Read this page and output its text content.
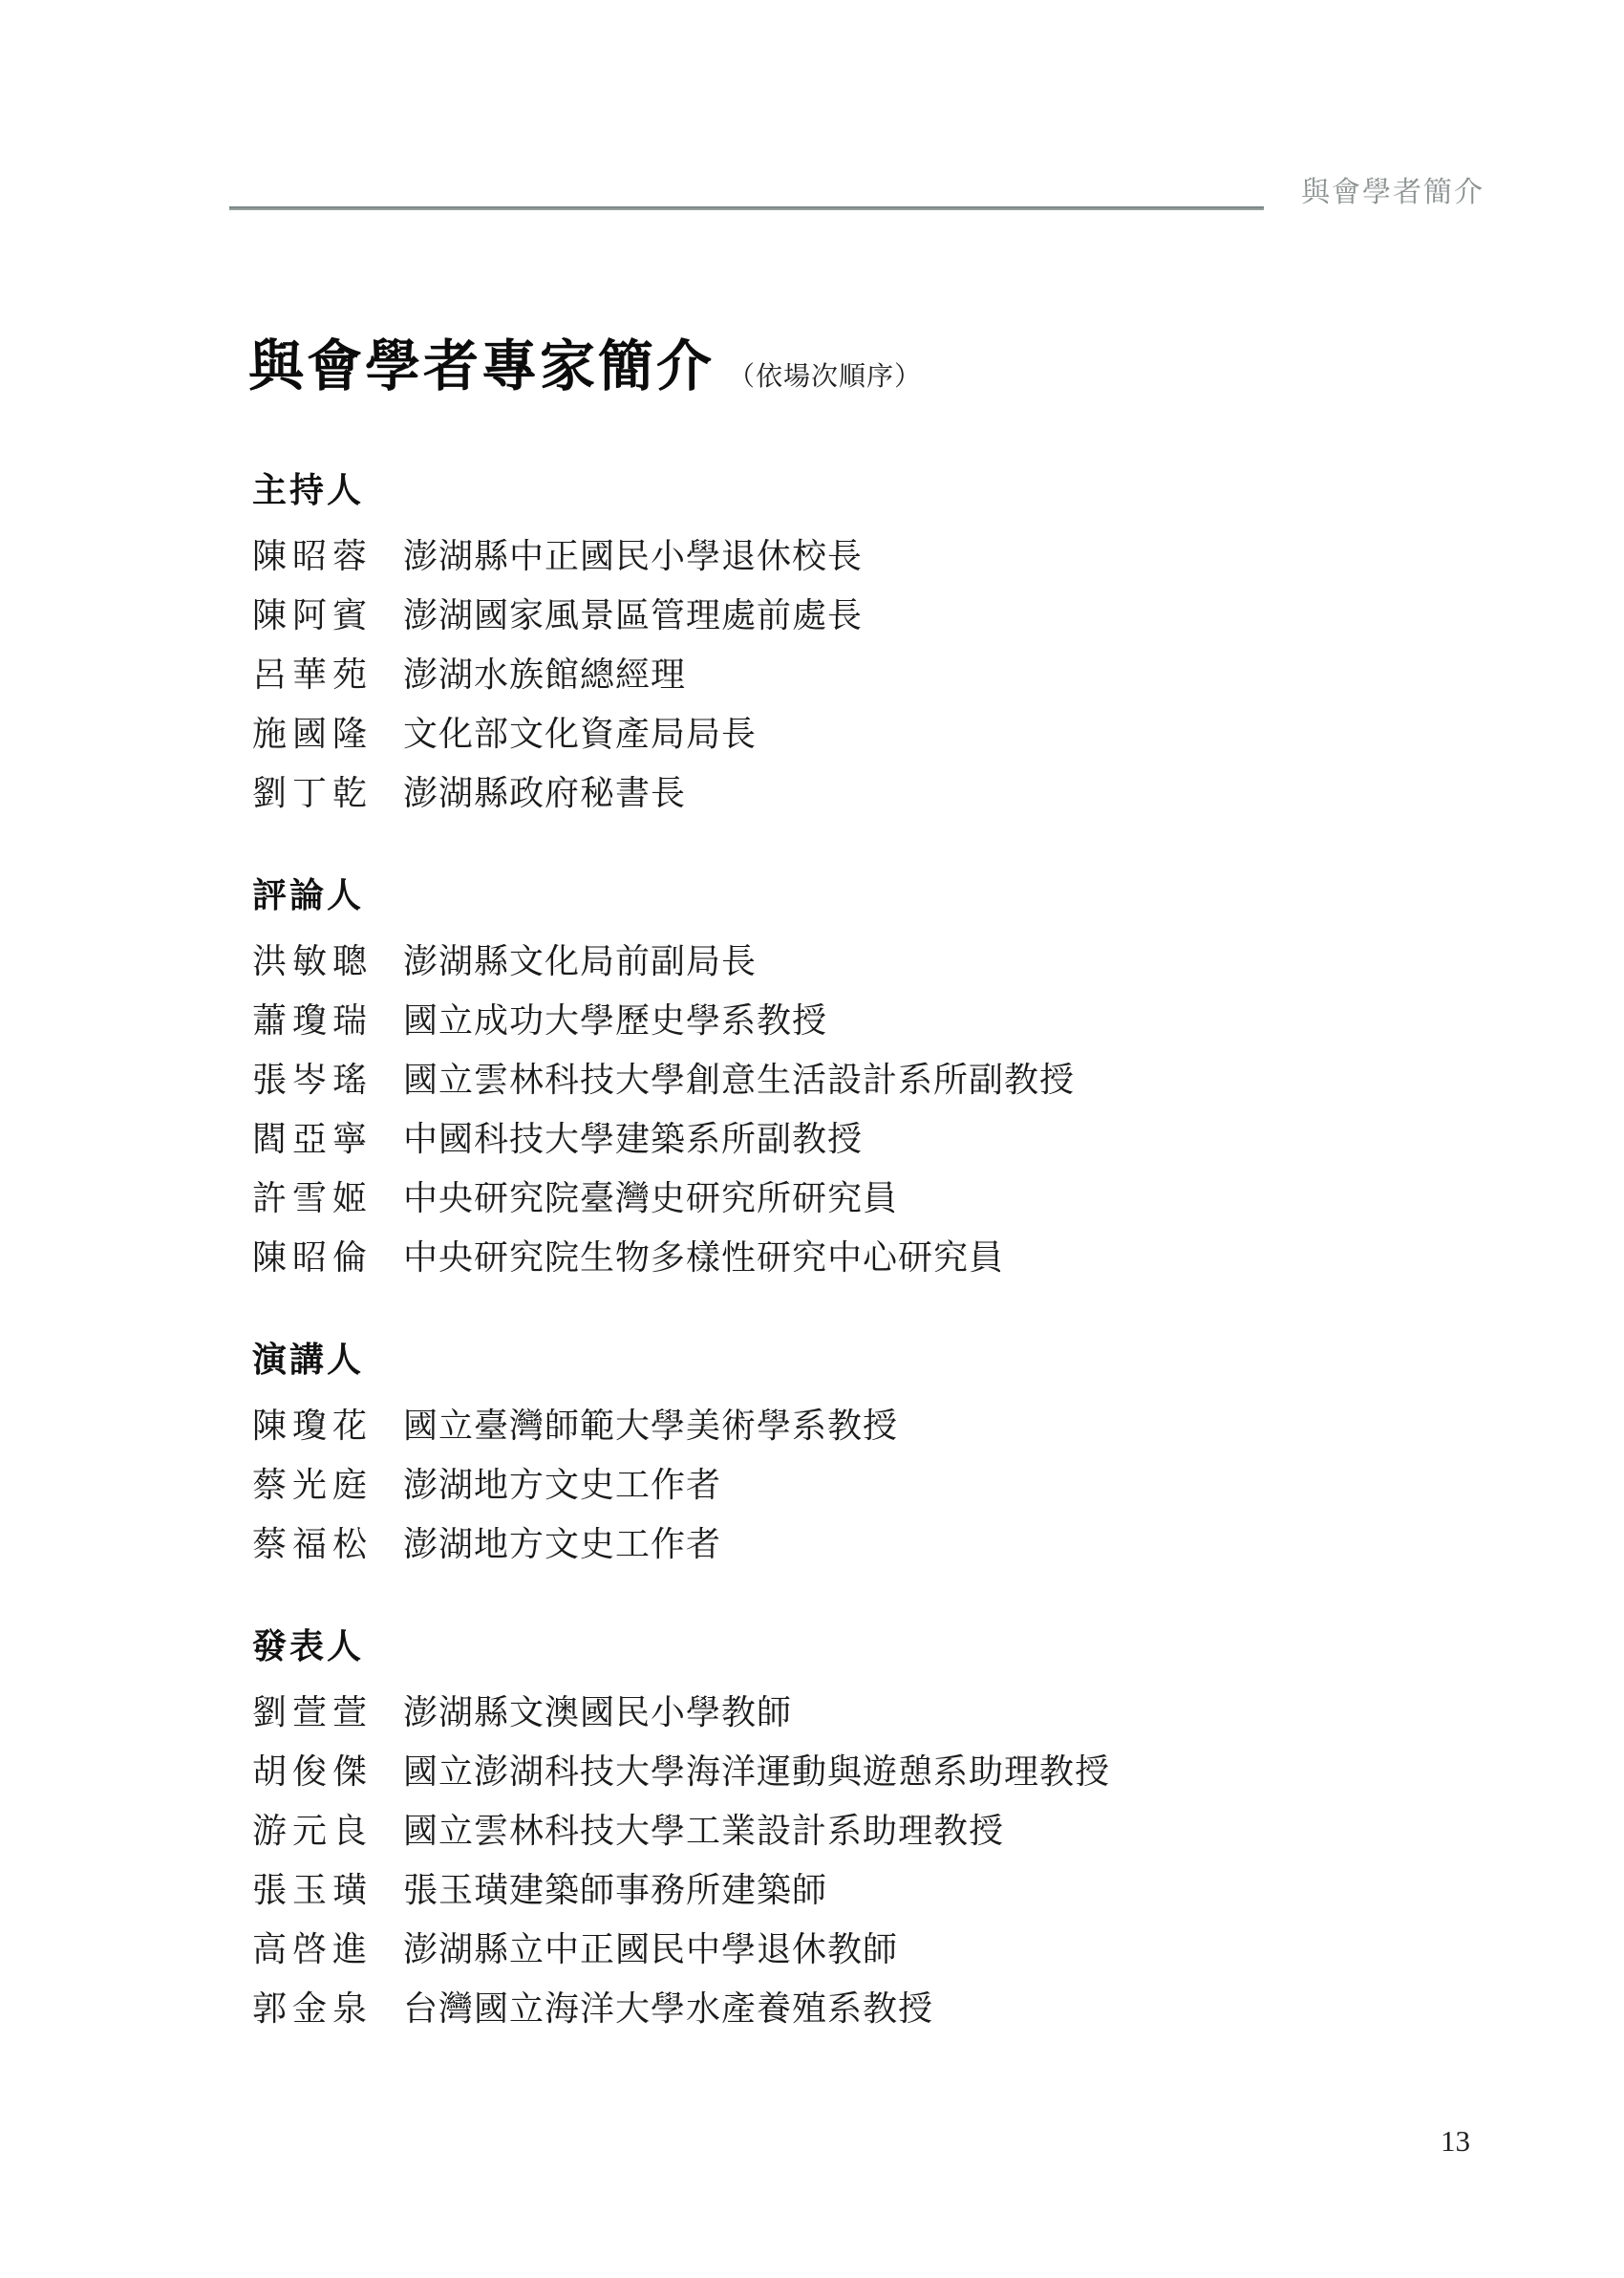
與會學者簡介
與會學者專家簡介 （依場次順序）
主持人
陳昭蓉 澎湖縣中正國民小學退休校長
陳阿賓 澎湖國家風景區管理處前處長
呂華苑 澎湖水族館總經理
施國隆 文化部文化資產局局長
劉丁乾 澎湖縣政府秘書長
評論人
洪敏聰 澎湖縣文化局前副局長
蕭瓊瑞 國立成功大學歷史學系教授
張岑瑤 國立雲林科技大學創意生活設計系所副教授
閻亞寧 中國科技大學建築系所副教授
許雪姬 中央研究院臺灣史研究所研究員
陳昭倫 中央研究院生物多樣性研究中心研究員
演講人
陳瓊花 國立臺灣師範大學美術學系教授
蔡光庭 澎湖地方文史工作者
蔡福松 澎湖地方文史工作者
發表人
劉萱萱 澎湖縣文澳國民小學教師
胡俊傑 國立澎湖科技大學海洋運動與遊憩系助理教授
游元良 國立雲林科技大學工業設計系助理教授
張玉璜 張玉璜建築師事務所建築師
高啓進 澎湖縣立中正國民中學退休教師
郭金泉 台灣國立海洋大學水產養殖系教授
13
